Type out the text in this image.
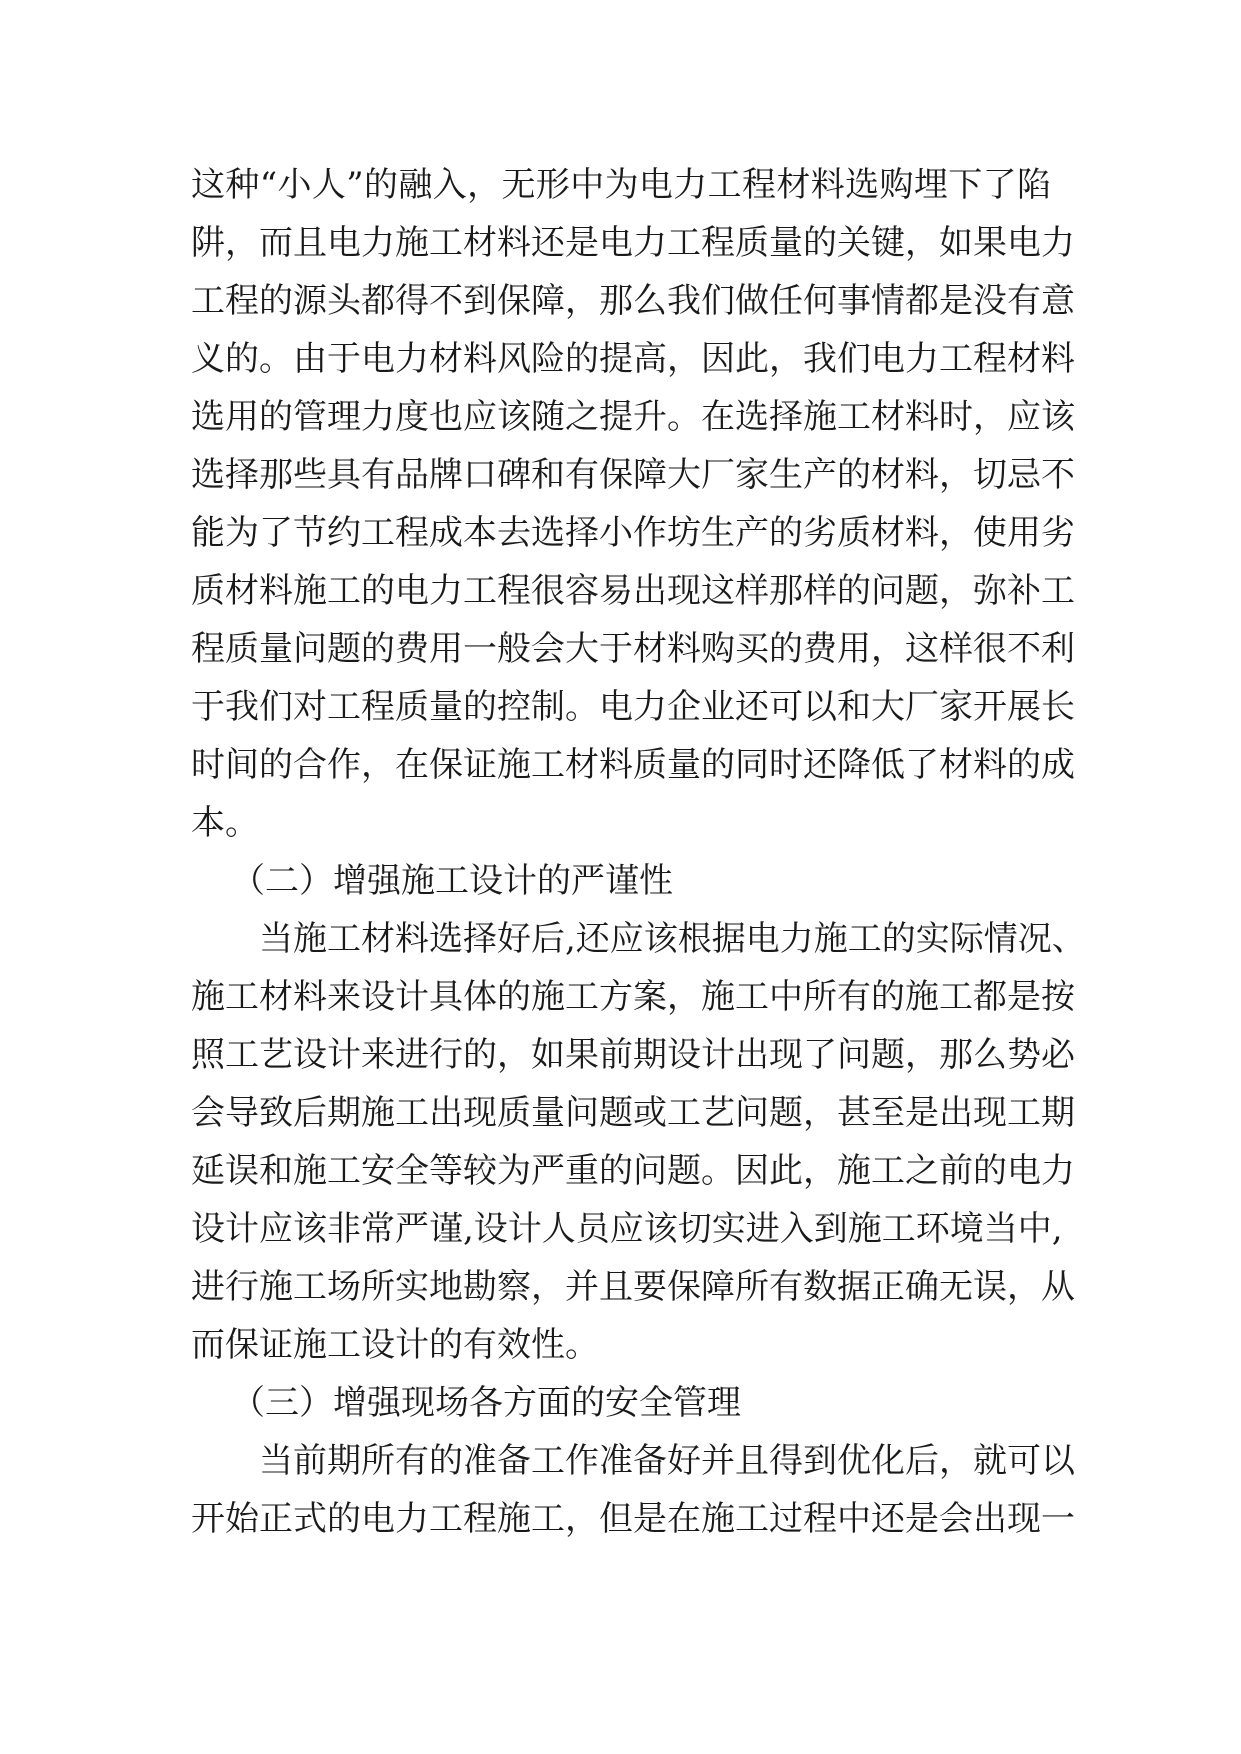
这种“小人”的融入，无形中为电力工程材料选购埋下了陷
阱，而且电力施工材料还是电力工程质量的关键，如果电力
工程的源头都得不到保障，那么我们做任何事情都是没有意
义的。由于电力材料风险的提高，因此，我们电力工程材料
选用的管理力度也应该随之提升。在选择施工材料时，应该
选择那些具有品牌口碑和有保障大厂家生产的材料，切忌不
能为了节约工程成本去选择小作坊生产的劣质材料，使用劣
质材料施工的电力工程很容易出现这样那样的问题，弥补工
程质量问题的费用一般会大于材料购买的费用，这样很不利
于我们对工程质量的控制。电力企业还可以和大厂家开展长
时间的合作，在保证施工材料质量的同时还降低了材料的成
本。
（二）增强施工设计的严谨性
当施工材料选择好后,还应该根据电力施工的实际情况、
施工材料来设计具体的施工方案，施工中所有的施工都是按
照工艺设计来进行的，如果前期设计出现了问题，那么势必
会导致后期施工出现质量问题或工艺问题，甚至是出现工期
延误和施工安全等较为严重的问题。因此，施工之前的电力
设计应该非常严谨,设计人员应该切实进入到施工环境当中,
进行施工场所实地勘察，并且要保障所有数据正确无误，从
而保证施工设计的有效性。
（三）增强现场各方面的安全管理
当前期所有的准备工作准备好并且得到优化后，就可以
开始正式的电力工程施工，但是在施工过程中还是会出现一
